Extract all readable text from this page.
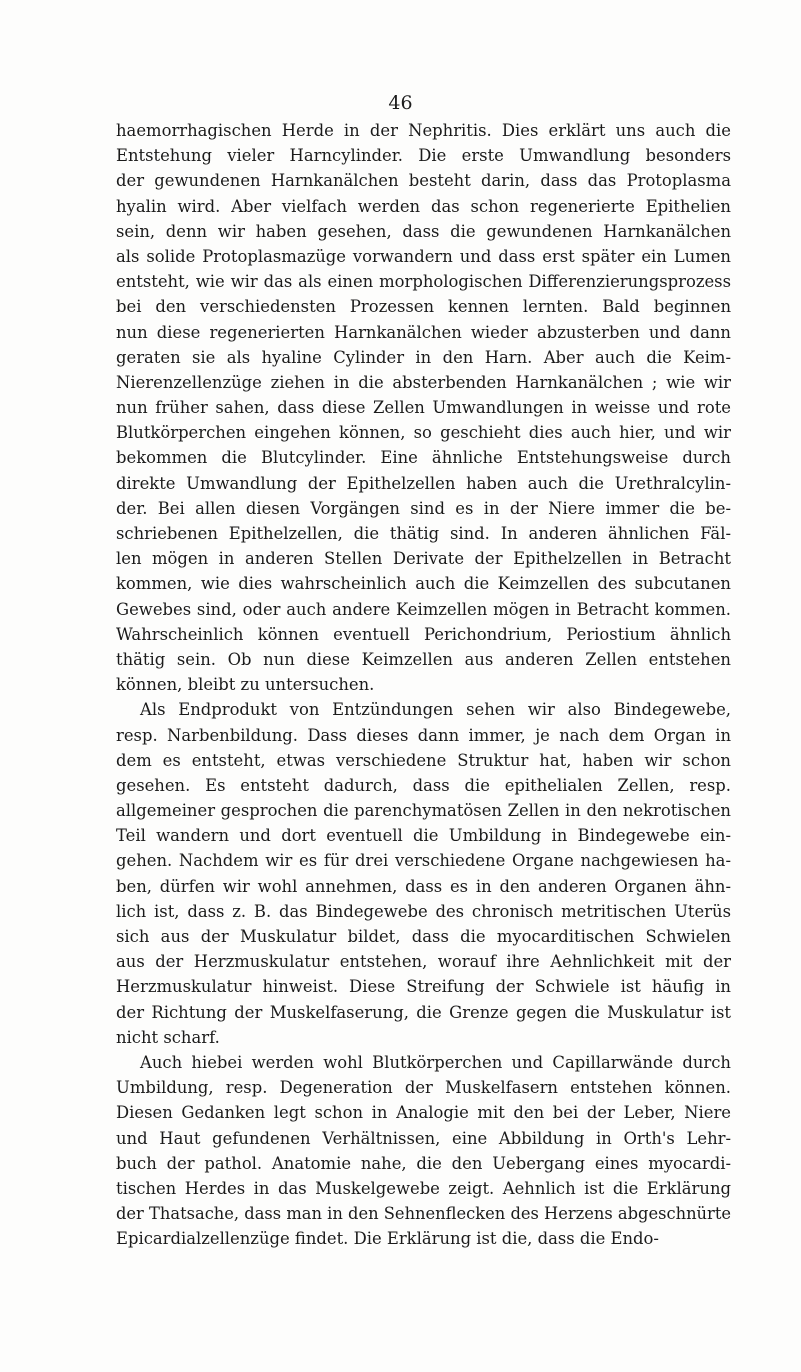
46
haemorrhagischen Herde in der Nephritis. Dies erklärt uns auch die
Entstehung vieler Harncylinder. Die erste Umwandlung besonders
der gewundenen Harnkanälchen besteht darin, dass das Protoplasma
hyalin wird. Aber vielfach werden das schon regenerierte Epithelien
sein, denn wir haben gesehen, dass die gewundenen Harnkanälchen
als solide Protoplasmazüge vorwandern und dass erst später ein Lumen
entsteht, wie wir das als einen morphologischen Differenzierungsprozess
bei den verschiedensten Prozessen kennen lernten. Bald beginnen
nun diese regenerierten Harnkanälchen wieder abzusterben und dann
geraten sie als hyaline Cylinder in den Harn. Aber auch die Keim-
Nierenzellenzüge ziehen in die absterbenden Harnkanälchen ; wie wir
nun früher sahen, dass diese Zellen Umwandlungen in weisse und rote
Blutkörperchen eingehen können, so geschieht dies auch hier, und wir
bekommen die Blutcylinder. Eine ähnliche Entstehungsweise durch
direkte Umwandlung der Epithelzellen haben auch die Urethralcylin-
der. Bei allen diesen Vorgängen sind es in der Niere immer die be-
schriebenen Epithelzellen, die thätig sind. In anderen ähnlichen Fäl-
len mögen in anderen Stellen Derivate der Epithelzellen in Betracht
kommen, wie dies wahrscheinlich auch die Keimzellen des subcutanen
Gewebes sind, oder auch andere Keimzellen mögen in Betracht kommen.
Wahrscheinlich können eventuell Perichondrium, Periostium ähnlich
thätig sein. Ob nun diese Keimzellen aus anderen Zellen entstehen
können, bleibt zu untersuchen.
Als Endprodukt von Entzündungen sehen wir also Bindegewebe,
resp. Narbenbildung. Dass dieses dann immer, je nach dem Organ in
dem es entsteht, etwas verschiedene Struktur hat, haben wir schon
gesehen. Es entsteht dadurch, dass die epithelialen Zellen, resp.
allgemeiner gesprochen die parenchymatösen Zellen in den nekrotischen
Teil wandern und dort eventuell die Umbildung in Bindegewebe ein-
gehen. Nachdem wir es für drei verschiedene Organe nachgewiesen ha-
ben, dürfen wir wohl annehmen, dass es in den anderen Organen ähn-
lich ist, dass z. B. das Bindegewebe des chronisch metritischen Uterüs
sich aus der Muskulatur bildet, dass die myocarditischen Schwielen
aus der Herzmuskulatur entstehen, worauf ihre Aehnlichkeit mit der
Herzmuskulatur hinweist. Diese Streifung der Schwiele ist häufig in
der Richtung der Muskelfaserung, die Grenze gegen die Muskulatur ist
nicht scharf.
Auch hiebei werden wohl Blutkörperchen und Capillarwände durch
Umbildung, resp. Degeneration der Muskelfasern entstehen können.
Diesen Gedanken legt schon in Analogie mit den bei der Leber, Niere
und Haut gefundenen Verhältnissen, eine Abbildung in Orth's Lehr-
buch der pathol. Anatomie nahe, die den Uebergang eines myocardi-
tischen Herdes in das Muskelgewebe zeigt. Aehnlich ist die Erklärung
der Thatsache, dass man in den Sehnenflecken des Herzens abgeschnürte
Epicardialzellenzüge findet. Die Erklärung ist die, dass die Endo-
